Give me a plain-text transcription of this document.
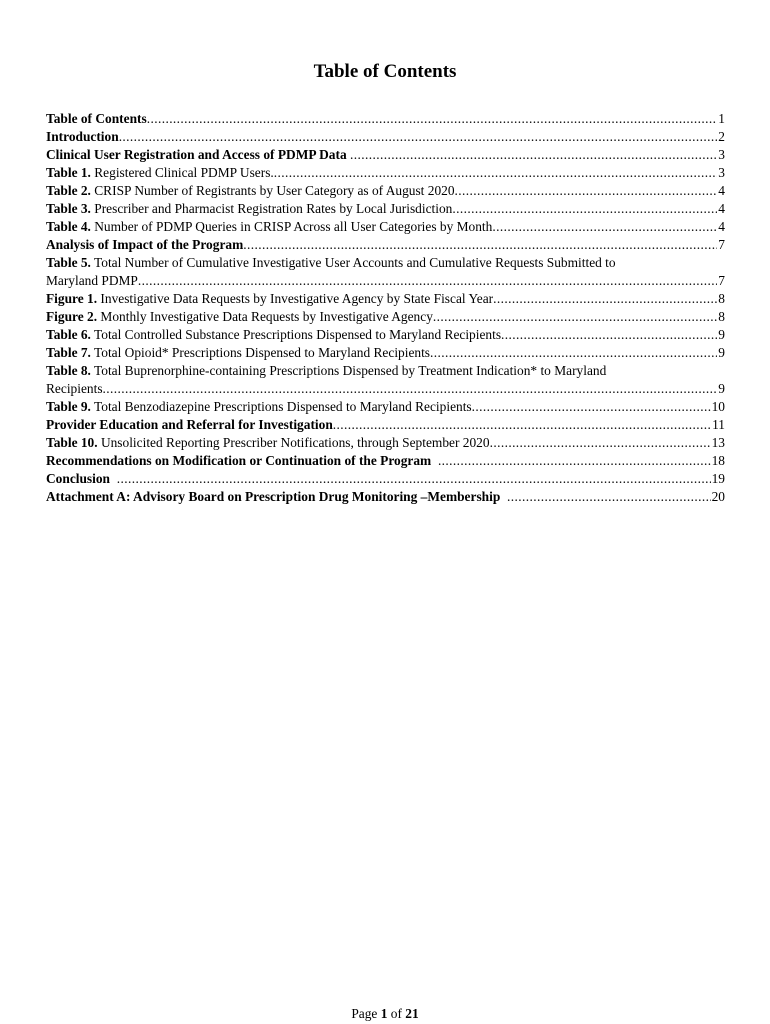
Table of Contents
Table of Contents .....	1
Introduction .....	2
Clinical User Registration and Access of PDMP Data .....	3
Table 1. Registered Clinical PDMP Users. .....	3
Table 2. CRISP Number of Registrants by User Category as of August 2020 .....	4
Table 3. Prescriber and Pharmacist Registration Rates by Local Jurisdiction .....	4
Table 4. Number of PDMP Queries in CRISP Across all User Categories by Month .....	4
Analysis of Impact of the Program .....	7
Table 5. Total Number of Cumulative Investigative User Accounts and Cumulative Requests Submitted to
Maryland PDMP .....	7
Figure 1. Investigative Data Requests by Investigative Agency by State Fiscal Year .....	8
Figure 2. Monthly Investigative Data Requests by Investigative Agency .....	8
Table 6. Total Controlled Substance Prescriptions Dispensed to Maryland Recipients .....	9
Table 7. Total Opioid* Prescriptions Dispensed to Maryland Recipients .....	9
Table 8. Total Buprenorphine-containing Prescriptions Dispensed by Treatment Indication* to Maryland
Recipients .....	9
Table 9. Total Benzodiazepine Prescriptions Dispensed to Maryland Recipients .....	10
Provider Education and Referral for Investigation .....	11
Table 10. Unsolicited Reporting Prescriber Notifications, through September 2020 .....	13
Recommendations on Modification or Continuation of the Program .....	18
Conclusion .....	19
Attachment A: Advisory Board on Prescription Drug Monitoring –Membership .....	20
Page 1 of 21
